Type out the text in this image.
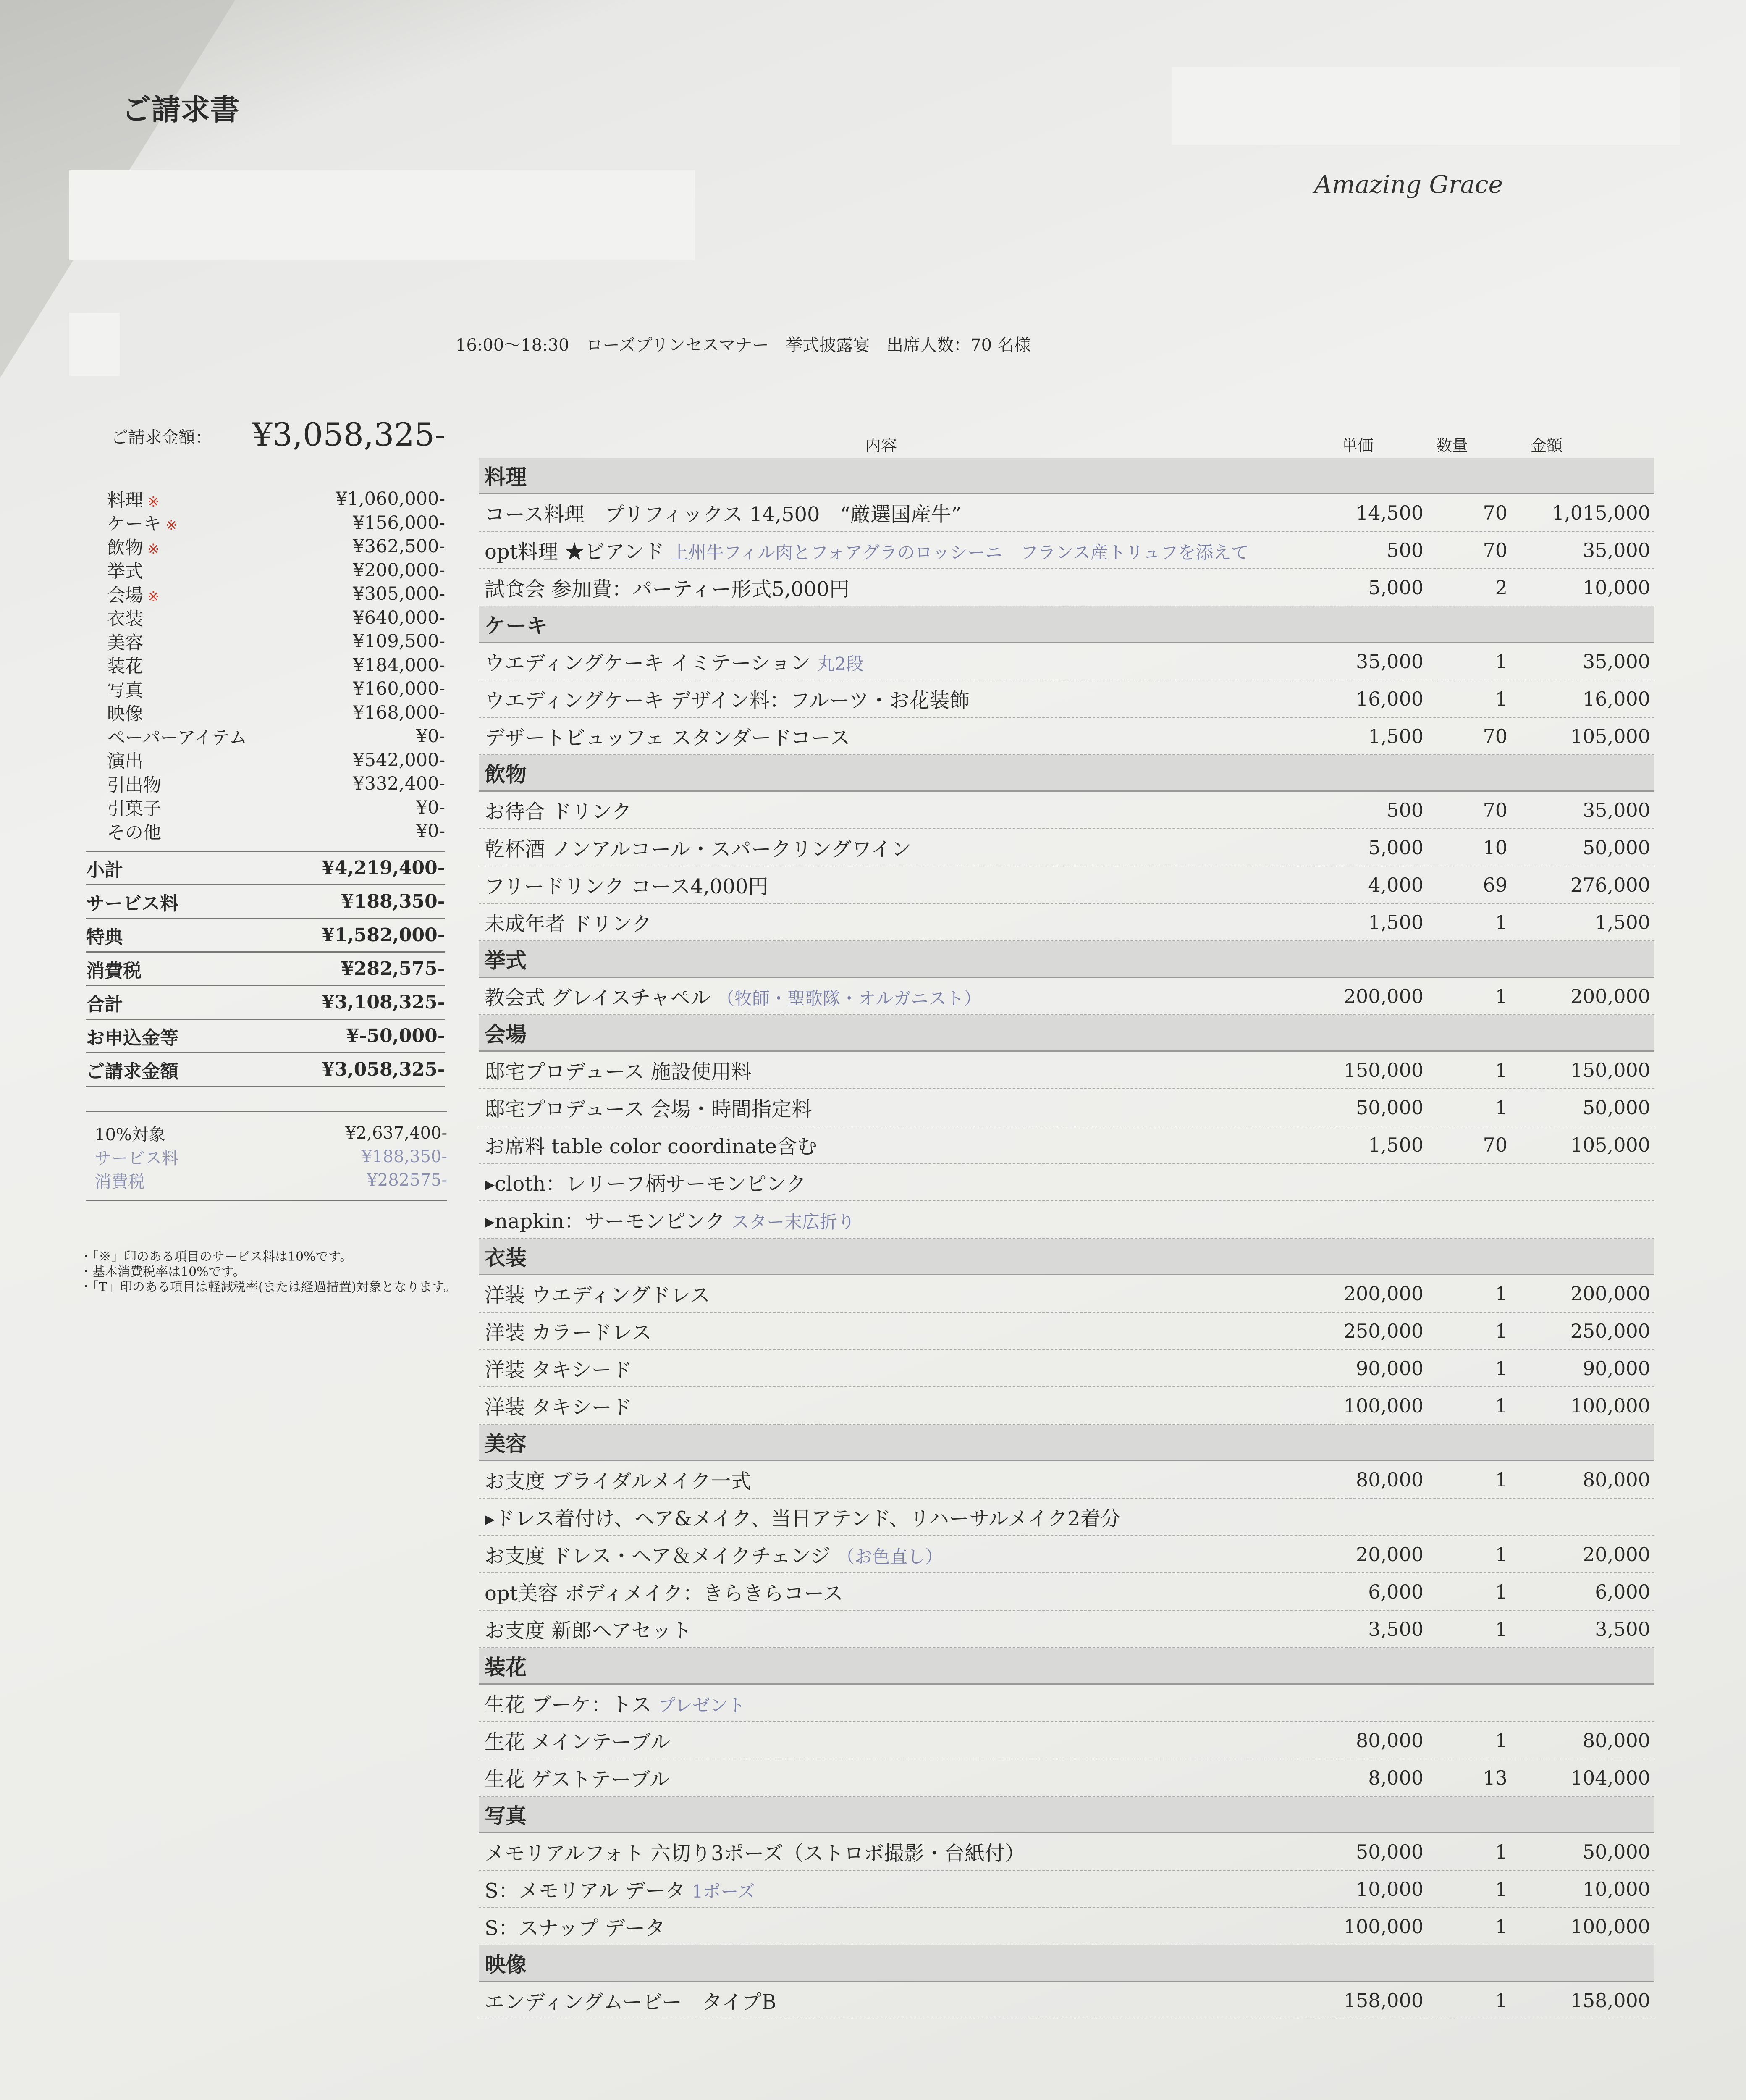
ご請求書
Amazing Grace
16:00〜18:30　ローズプリンセスマナー　挙式披露宴　出席人数：70 名様
ご請求金額： ¥3,058,325-
料理 ※	¥1,060,000-
ケーキ ※	¥156,000-
飲物 ※	¥362,500-
挙式	¥200,000-
会場 ※	¥305,000-
衣装	¥640,000-
美容	¥109,500-
装花	¥184,000-
写真	¥160,000-
映像	¥168,000-
ペーパーアイテム	¥0-
演出	¥542,000-
引出物	¥332,400-
引菓子	¥0-
その他	¥0-
小計	¥4,219,400-
サービス料	¥188,350-
特典	¥1,582,000-
消費税	¥282,575-
合計	¥3,108,325-
お申込金等	¥-50,000-
ご請求金額	¥3,058,325-
10%対象	¥2,637,400-
サービス料	¥188,350-
消費税	¥282575-
・「※」印のある項目のサービス料は10%です。
・基本消費税率は10%です。
・「T」印のある項目は軽減税率(または経過措置)対象となります。
内容	単価	数量	金額
料理
コース料理　プリフィックス 14,500　“厳選国産牛”	14,500	70	1,015,000
opt料理 ★ビアンド 上州牛フィル肉とフォアグラのロッシーニ　フランス産トリュフを添えて	500	70	35,000
試食会 参加費：パーティー形式5,000円	5,000	2	10,000
ケーキ
ウエディングケーキ イミテーション 丸2段	35,000	1	35,000
ウエディングケーキ デザイン料：フルーツ・お花装飾	16,000	1	16,000
デザートビュッフェ スタンダードコース	1,500	70	105,000
飲物
お待合 ドリンク	500	70	35,000
乾杯酒 ノンアルコール・スパークリングワイン	5,000	10	50,000
フリードリンク コース4,000円	4,000	69	276,000
未成年者 ドリンク	1,500	1	1,500
挙式
教会式 グレイスチャペル （牧師・聖歌隊・オルガニスト）	200,000	1	200,000
会場
邸宅プロデュース 施設使用料	150,000	1	150,000
邸宅プロデュース 会場・時間指定料	50,000	1	50,000
お席料 table color coordinate含む	1,500	70	105,000
▸cloth：レリーフ柄サーモンピンク
▸napkin：サーモンピンク スター末広折り
衣装
洋装 ウエディングドレス	200,000	1	200,000
洋装 カラードレス	250,000	1	250,000
洋装 タキシード	90,000	1	90,000
洋装 タキシード	100,000	1	100,000
美容
お支度 ブライダルメイク一式	80,000	1	80,000
▸ドレス着付け、ヘア&メイク、当日アテンド、リハーサルメイク2着分
お支度 ドレス・ヘア＆メイクチェンジ （お色直し）	20,000	1	20,000
opt美容 ボディメイク：きらきらコース	6,000	1	6,000
お支度 新郎ヘアセット	3,500	1	3,500
装花
生花 ブーケ：トス プレゼント
生花 メインテーブル	80,000	1	80,000
生花 ゲストテーブル	8,000	13	104,000
写真
メモリアルフォト 六切り3ポーズ（ストロボ撮影・台紙付）	50,000	1	50,000
S：メモリアル データ 1ポーズ	10,000	1	10,000
S：スナップ データ	100,000	1	100,000
映像
エンディングムービー　タイプB	158,000	1	158,000
